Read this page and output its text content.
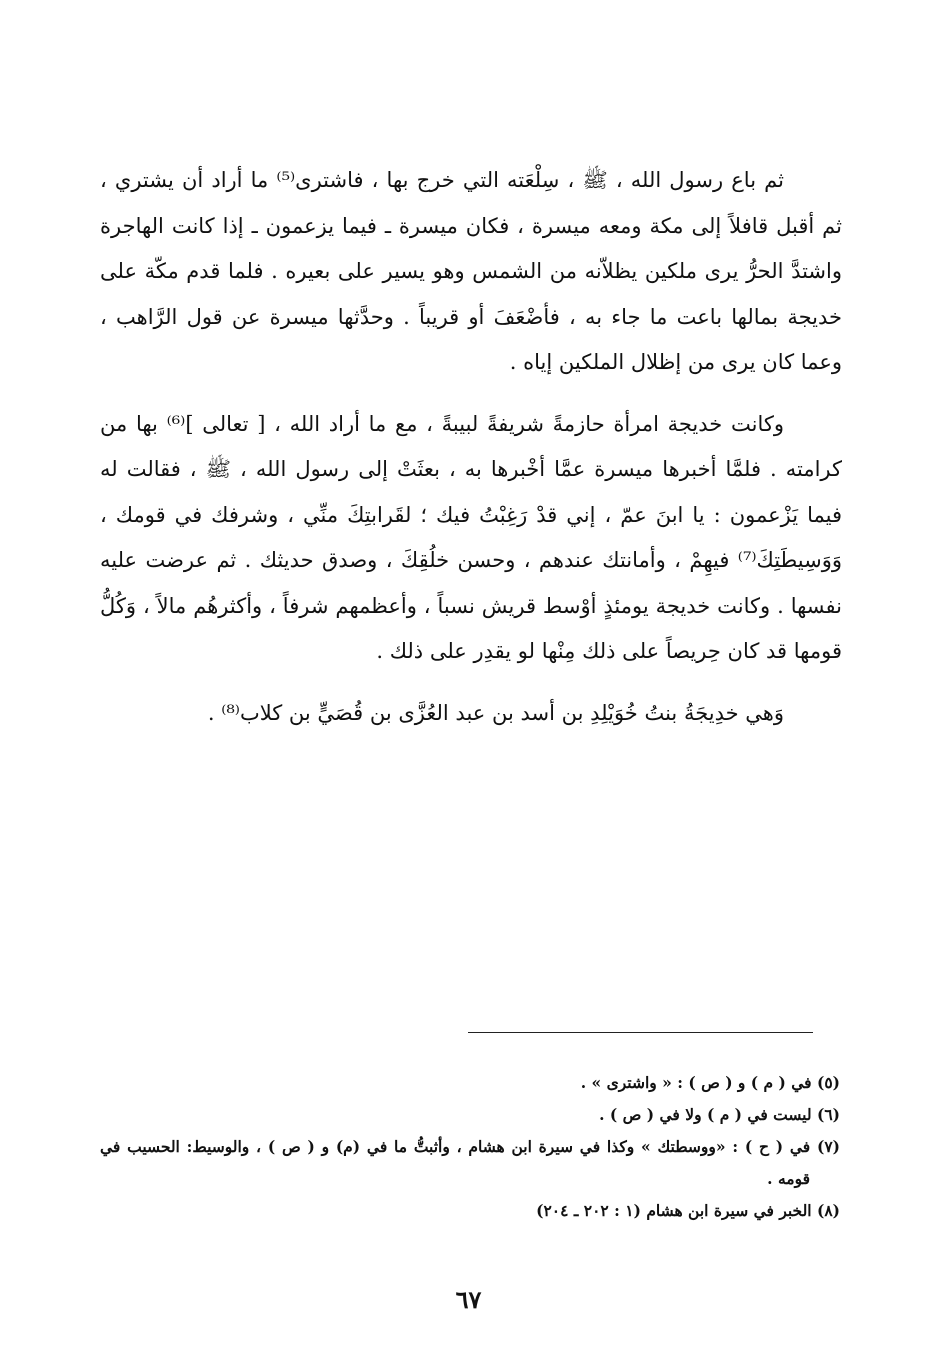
ثم باع رسول الله ، ﷺ ، سِلْعَته التي خرج بها ، فاشترى⁽⁵⁾ ما أراد أن يشتري ، ثم أقبل قافلاً إلى مكة ومعه ميسرة ، فكان ميسرة ـ فيما يزعمون ـ إذا كانت الهاجرة واشتدَّ الحرُّ يرى ملكين يظلاّنه من الشمس وهو يسير على بعيره . فلما قدم مكّة على خديجة بمالها باعت ما جاء به ، فأضْعَفَ أو قريباً . وحدَّثها ميسرة عن قول الرَّاهب ، وعما كان يرى من إظلال الملكين إياه .

وكانت خديجة امرأة حازمةً شريفةً لبيبةً ، مع ما أراد الله ، [ تعالى ]⁽⁶⁾ بها من كرامته . فلمَّا أخبرها ميسرة عمَّا أخْبرها به ، بعثَتْ إلى رسول الله ، ﷺ ، فقالت له فيما يَزْعمون : يا ابنَ عمّ ، إني قدْ رَغِبْتُ فيك ؛ لقَرابتِكَ منِّي ، وشرفك في قومك ، وَوَسِيطَتِكَ⁽⁷⁾ فيهِمْ ، وأمانتك عندهم ، وحسن خلُقِكَ ، وصدق حديثك . ثم عرضت عليه نفسها . وكانت خديجة يومئذٍ أوْسط قريش نسباً ، وأعظمهم شرفاً ، وأكثرهُم مالاً ، وَكُلُّ قومها قد كان حِريصاً على ذلك مِنْها لو يقدِر على ذلك .

وَهي خدِيجَةُ بنتُ خُوَيْلِدِ بن أسد بن عبد العُزَّى بن قُصَيٍّ بن كلاب⁽⁸⁾ .

(٥) في ( م ) و ( ص ) : « واشترى » .
(٦) ليست في ( م ) ولا في ( ص ) .
(٧) في ( ح ) : «ووسطتك » وكذا في سيرة ابن هشام ، وأثبتُّ ما في (م) و ( ص ) ، والوسيط: الحسيب في قومه .
(٨) الخبر في سيرة ابن هشام (١ : ٢٠٢ ـ ٢٠٤)
٦٧
